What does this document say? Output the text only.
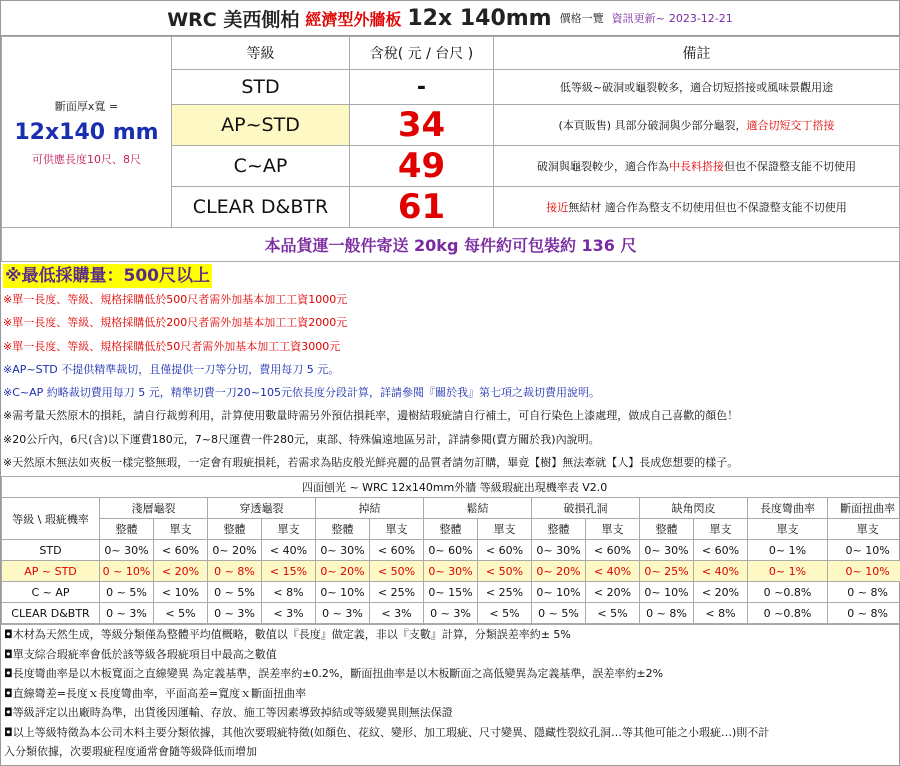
WRC 美西側柏 經濟型外牆板 12x 140mm 價格一覽 資訊更新~ 2023-12-21
斷面厚x寬 =
12x140 mm
可供應長度10尺、8尺	等級	含稅( 元 / 台尺 )	備註
	STD	-	低等級~破洞或龜裂較多，適合切短搭接或風味景觀用途
	AP~STD	34	(本頁販售) 具部分破洞與少部分龜裂，適合切短交丁搭接
	C~AP	49	破洞與龜裂較少，適合作為中長料搭接但也不保證整支能不切使用
	CLEAR D&BTR	61	接近無結材 適合作為整支不切使用但也不保證整支能不切使用
本品貨運一般件寄送 20kg 每件約可包裝約 136 尺			
※最低採購量：500尺以上
※單一長度、等級、規格採購低於500尺者需外加基本加工工資1000元
※單一長度、等級、規格採購低於200尺者需外加基本加工工資2000元
※單一長度、等級、規格採購低於50尺者需外加基本加工工資3000元
※AP~STD 不提供精準裁切，且僅提供一刀等分切，費用每刀 5 元。
※C~AP 約略裁切費用每刀 5 元，精準切費一刀20~105元依長度分段計算，詳請參閱『關於我』第七項之裁切費用說明。
※需考量天然原木的損耗，請自行裁剪利用，計算使用數量時需另外預估損耗率，邊樹結瑕疵請自行補土，可自行染色上漆處理，做成自己喜歡的顏色！
※20公斤內，6尺(含)以下運費180元，7~8尺運費一件280元，東部、特殊偏遠地區另計，詳請參閱(賣方關於我)內說明。
※天然原木無法如夾板一樣完整無瑕，一定會有瑕疵損耗，若需求為貼皮般光鮮亮麗的品質者請勿訂購，畢竟【樹】無法牽就【人】長成您想要的樣子。
四面刨光 ~ WRC 12x140mm外牆 等級瑕疵出現機率表 V2.0														
等級 \ 瑕疵機率	淺層龜裂		穿透龜裂		掉結		鬆結		破損孔洞		缺角閃皮		長度彎曲率	斷面扭曲率
	整體	單支	整體	單支	整體	單支	整體	單支	整體	單支	整體	單支	單支	單支
STD	0~ 30%	< 60%	0~ 20%	< 40%	0~ 30%	< 60%	0~ 60%	< 60%	0~ 30%	< 60%	0~ 30%	< 60%	0~ 1%	0~ 10%
AP ~ STD	0 ~ 10%	< 20%	0 ~ 8%	< 15%	0~ 20%	< 50%	0~ 30%	< 50%	0~ 20%	< 40%	0~ 25%	< 40%	0~ 1%	0~ 10%
C ~ AP	0 ~ 5%	< 10%	0 ~ 5%	< 8%	0~ 10%	< 25%	0~ 15%	< 25%	0~ 10%	< 20%	0~ 10%	< 20%	0 ~0.8%	0 ~ 8%
CLEAR D&BTR	0 ~ 3%	< 5%	0 ~ 3%	< 3%	0 ~ 3%	< 3%	0 ~ 3%	< 5%	0 ~ 5%	< 5%	0 ~ 8%	< 8%	0 ~0.8%	0 ~ 8%
◘木材為天然生成，等級分類僅為整體平均值概略，數值以『長度』做定義，非以『支數』計算，分類誤差率約± 5%
◘單支綜合瑕疵率會低於該等級各瑕疵項目中最高之數值
◘長度彎曲率是以木板寬面之直線變異 為定義基準，誤差率約±0.2%，斷面扭曲率是以木板斷面之高低變異為定義基準，誤差率約±2%
◘直線彎差=長度ｘ長度彎曲率，平面高差=寬度ｘ斷面扭曲率
◘等級評定以出廠時為準，出貨後因運輸、存放、施工等因素導致掉結或等級變異則無法保證
◘以上等級特徵為本公司木料主要分類依據，其他次要瑕疵特徵(如顏色、花紋、變形、加工瑕疵、尺寸變異、隱藏性裂紋孔洞…等其他可能之小瑕疵…)則不計
入分類依據，次要瑕疵程度通常會隨等級降低而增加
